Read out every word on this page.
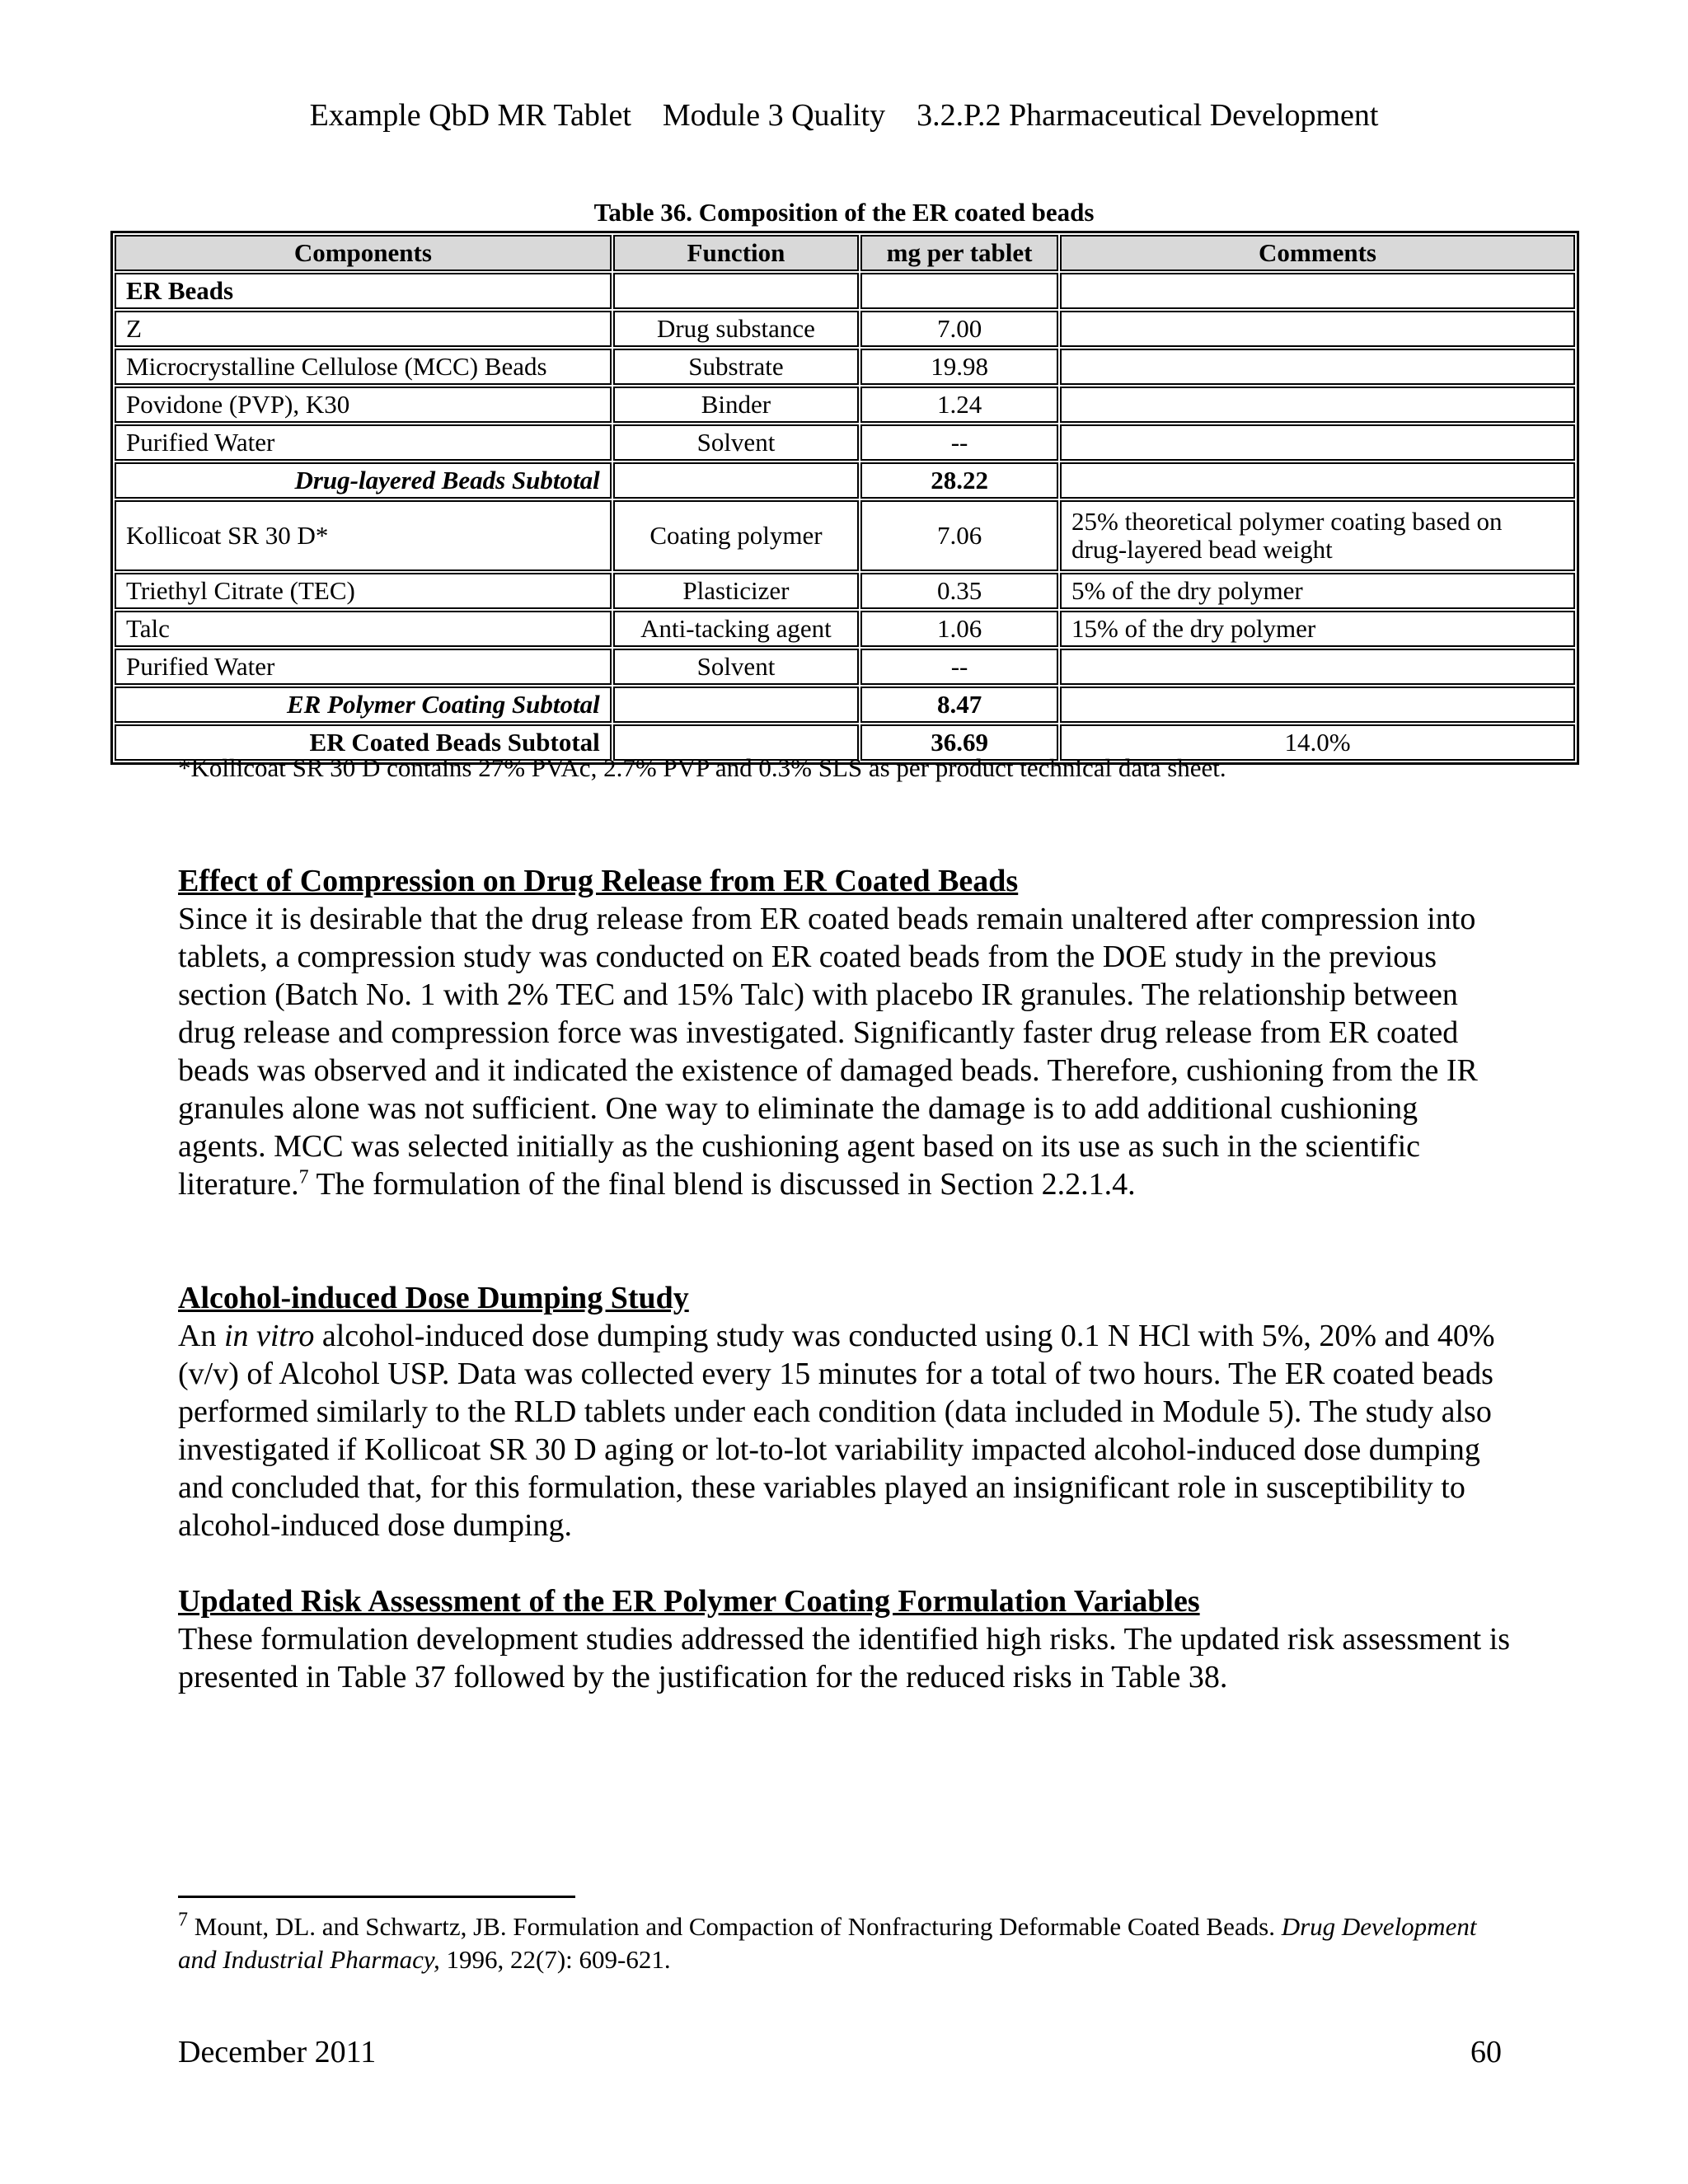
Example QbD MR Tablet    Module 3 Quality    3.2.P.2 Pharmaceutical Development
Table 36. Composition of the ER coated beads
Components	Function	mg per tablet	Comments
ER Beads			
Z	Drug substance	7.00	
Microcrystalline Cellulose (MCC) Beads	Substrate	19.98	
Povidone (PVP), K30	Binder	1.24	
Purified Water	Solvent	--	
Drug-layered Beads Subtotal		28.22	
Kollicoat SR 30 D*	Coating polymer	7.06	25% theoretical polymer coating based on drug-layered bead weight
Triethyl Citrate (TEC)	Plasticizer	0.35	5% of the dry polymer
Talc	Anti-tacking agent	1.06	15% of the dry polymer
Purified Water	Solvent	--	
ER Polymer Coating Subtotal		8.47	
ER Coated Beads Subtotal		36.69	14.0%
*Kollicoat SR 30 D contains 27% PVAc, 2.7% PVP and 0.3% SLS as per product technical data sheet.
Effect of Compression on Drug Release from ER Coated Beads

Since it is desirable that the drug release from ER coated beads remain unaltered after compression into tablets, a compression study was conducted on ER coated beads from the DOE study in the previous section (Batch No. 1 with 2% TEC and 15% Talc) with placebo IR granules. The relationship between drug release and compression force was investigated. Significantly faster drug release from ER coated beads was observed and it indicated the existence of damaged beads. Therefore, cushioning from the IR granules alone was not sufficient. One way to eliminate the damage is to add additional cushioning agents. MCC was selected initially as the cushioning agent based on its use as such in the scientific literature.$^7$ The formulation of the final blend is discussed in Section 2.2.1.4.

Alcohol-induced Dose Dumping Study

An in vitro alcohol-induced dose dumping study was conducted using 0.1 N HCl with 5%, 20% and 40% (v/v) of Alcohol USP. Data was collected every 15 minutes for a total of two hours. The ER coated beads performed similarly to the RLD tablets under each condition (data included in Module 5). The study also investigated if Kollicoat SR 30 D aging or lot-to-lot variability impacted alcohol-induced dose dumping and concluded that, for this formulation, these variables played an insignificant role in susceptibility to alcohol-induced dose dumping.

Updated Risk Assessment of the ER Polymer Coating Formulation Variables

These formulation development studies addressed the identified high risks. The updated risk assessment is presented in Table 37 followed by the justification for the reduced risks in Table 38.

$^7$ Mount, DL. and Schwartz, JB. Formulation and Compaction of Nonfracturing Deformable Coated Beads. Drug Development and Industrial Pharmacy, 1996, 22(7): 609-621.
December 2011	60
